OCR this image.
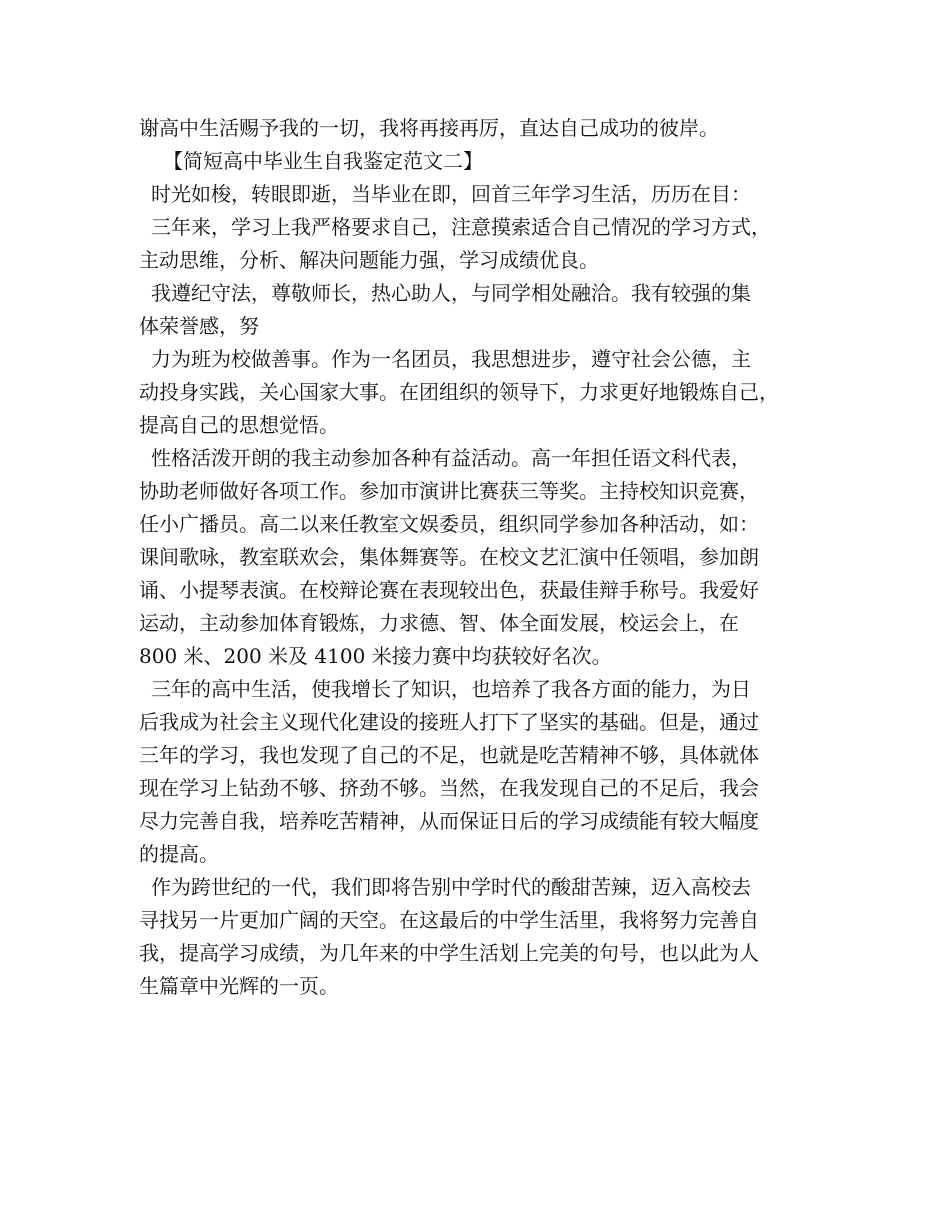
谢高中生活赐予我的一切，我将再接再厉，直达自己成功的彼岸。
【简短高中毕业生自我鉴定范文二】
时光如梭，转眼即逝，当毕业在即，回首三年学习生活，历历在目：
三年来，学习上我严格要求自己，注意摸索适合自己情况的学习方式，
主动思维，分析、解决问题能力强，学习成绩优良。
我遵纪守法，尊敬师长，热心助人，与同学相处融洽。我有较强的集
体荣誉感，努
力为班为校做善事。作为一名团员，我思想进步，遵守社会公德，主
动投身实践，关心国家大事。在团组织的领导下，力求更好地锻炼自己，
提高自己的思想觉悟。
性格活泼开朗的我主动参加各种有益活动。高一年担任语文科代表，
协助老师做好各项工作。参加市演讲比赛获三等奖。主持校知识竞赛，
任小广播员。高二以来任教室文娱委员，组织同学参加各种活动，如：
课间歌咏，教室联欢会，集体舞赛等。在校文艺汇演中任领唱，参加朗
诵、小提琴表演。在校辩论赛在表现较出色，获最佳辩手称号。我爱好
运动，主动参加体育锻炼，力求德、智、体全面发展，校运会上，在
800 米、200 米及 4100 米接力赛中均获较好名次。
三年的高中生活，使我增长了知识，也培养了我各方面的能力，为日
后我成为社会主义现代化建设的接班人打下了坚实的基础。但是，通过
三年的学习，我也发现了自己的不足，也就是吃苦精神不够，具体就体
现在学习上钻劲不够、挤劲不够。当然，在我发现自己的不足后，我会
尽力完善自我，培养吃苦精神，从而保证日后的学习成绩能有较大幅度
的提高。
作为跨世纪的一代，我们即将告别中学时代的酸甜苦辣，迈入高校去
寻找另一片更加广阔的天空。在这最后的中学生活里，我将努力完善自
我，提高学习成绩，为几年来的中学生活划上完美的句号，也以此为人
生篇章中光辉的一页。
